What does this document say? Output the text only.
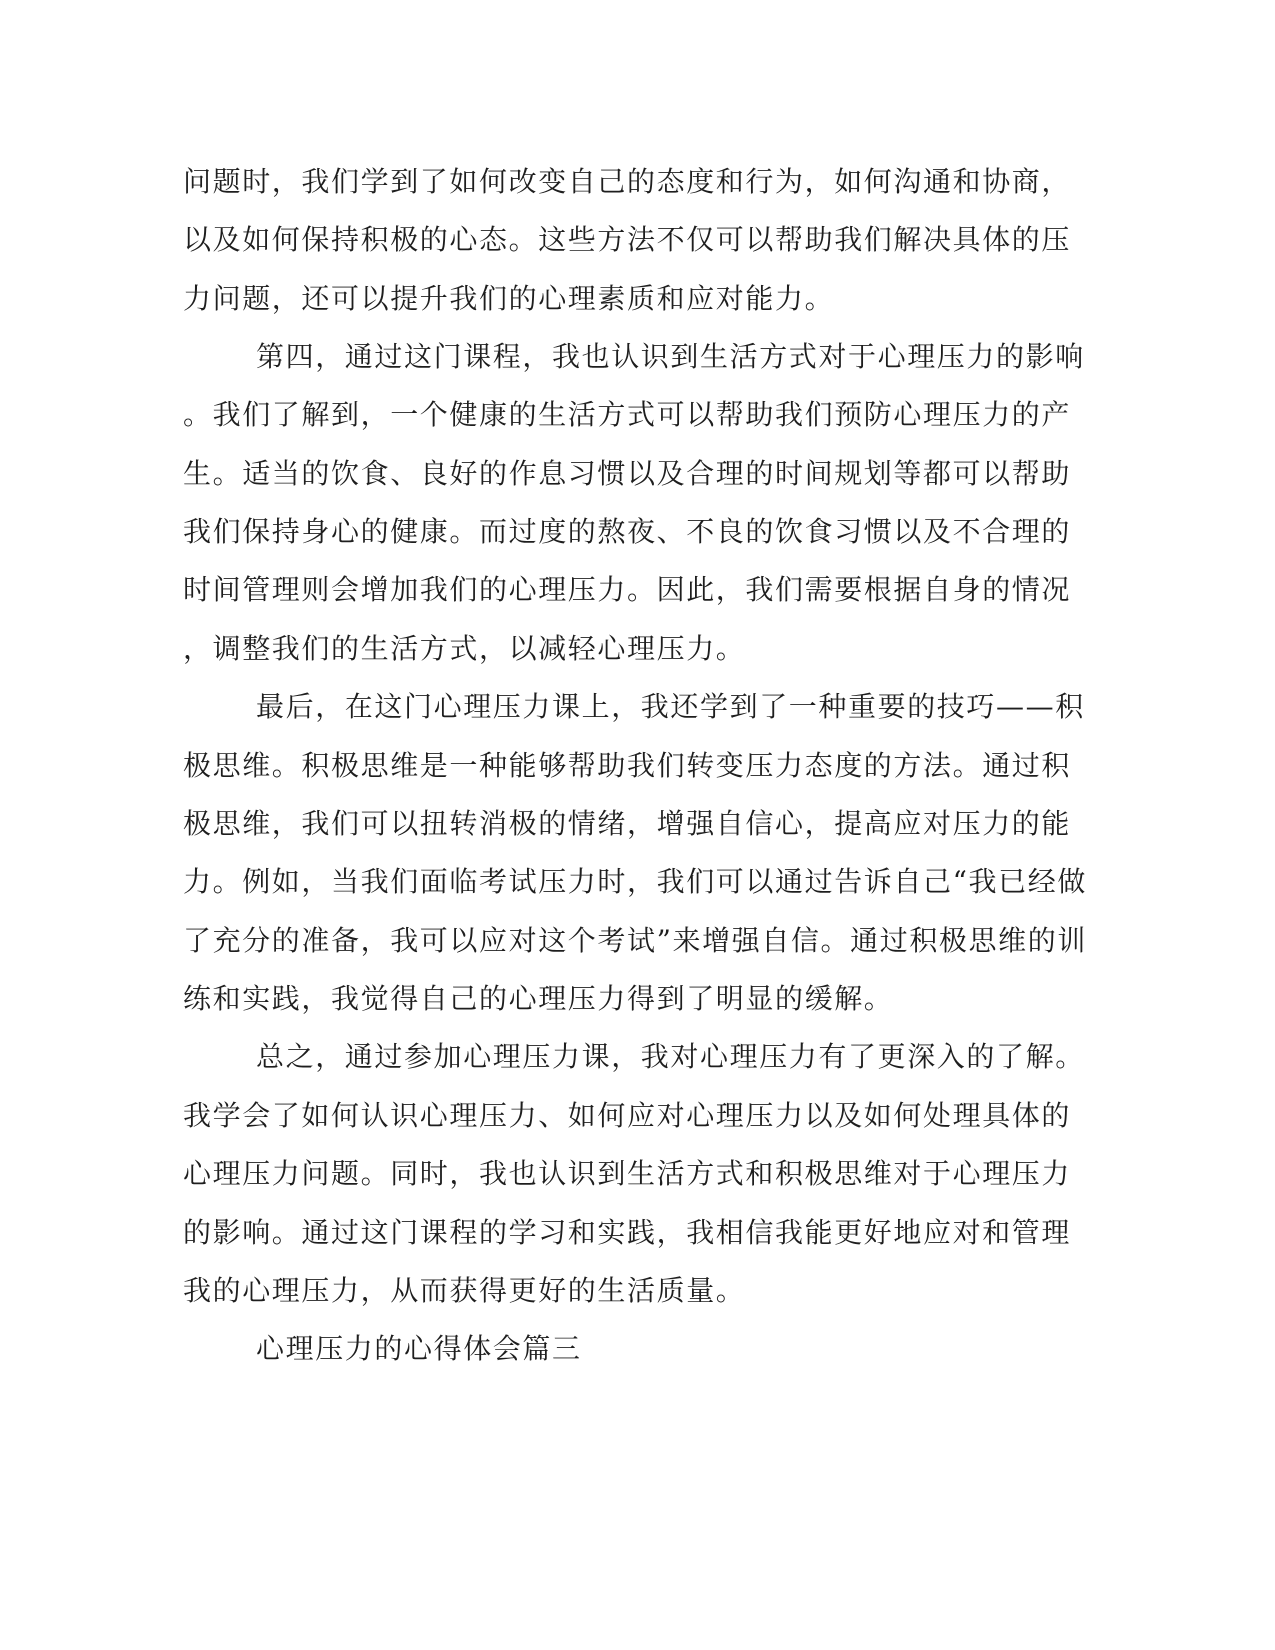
问题时，我们学到了如何改变自己的态度和行为，如何沟通和协商，
以及如何保持积极的心态。这些方法不仅可以帮助我们解决具体的压
力问题，还可以提升我们的心理素质和应对能力。
第四，通过这门课程，我也认识到生活方式对于心理压力的影响
。我们了解到，一个健康的生活方式可以帮助我们预防心理压力的产
生。适当的饮食、良好的作息习惯以及合理的时间规划等都可以帮助
我们保持身心的健康。而过度的熬夜、不良的饮食习惯以及不合理的
时间管理则会增加我们的心理压力。因此，我们需要根据自身的情况
，调整我们的生活方式，以减轻心理压力。
最后，在这门心理压力课上，我还学到了一种重要的技巧——积
极思维。积极思维是一种能够帮助我们转变压力态度的方法。通过积
极思维，我们可以扭转消极的情绪，增强自信心，提高应对压力的能
力。例如，当我们面临考试压力时，我们可以通过告诉自己“我已经做
了充分的准备，我可以应对这个考试”来增强自信。通过积极思维的训
练和实践，我觉得自己的心理压力得到了明显的缓解。
总之，通过参加心理压力课，我对心理压力有了更深入的了解。
我学会了如何认识心理压力、如何应对心理压力以及如何处理具体的
心理压力问题。同时，我也认识到生活方式和积极思维对于心理压力
的影响。通过这门课程的学习和实践，我相信我能更好地应对和管理
我的心理压力，从而获得更好的生活质量。
心理压力的心得体会篇三
